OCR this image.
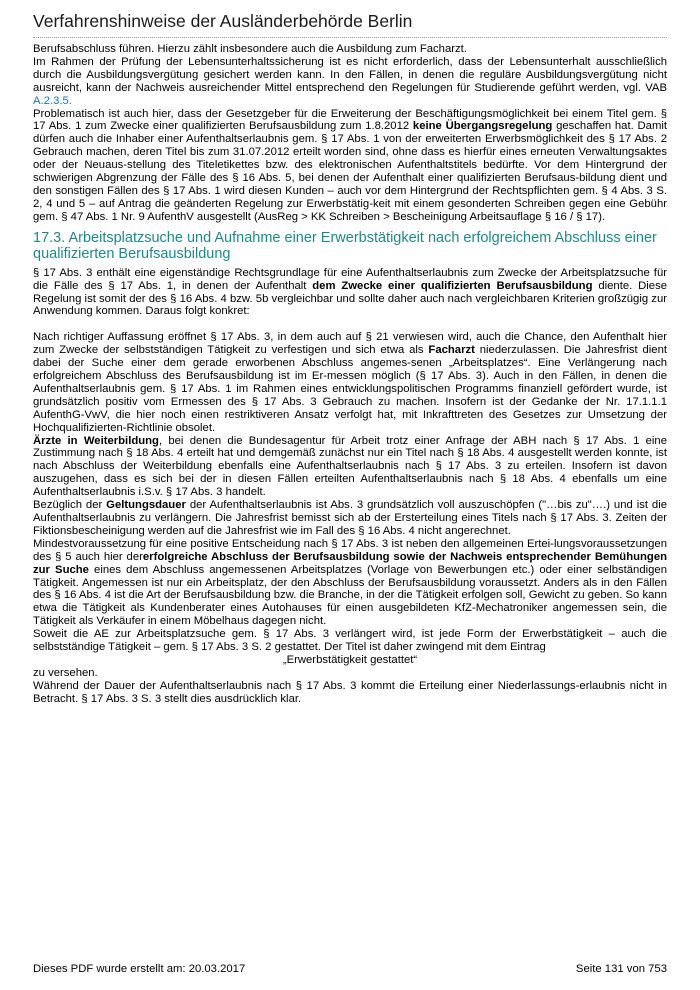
Verfahrenshinweise der Ausländerbehörde Berlin

Berufsabschluss führen. Hierzu zählt insbesondere auch die Ausbildung zum Facharzt.

Im Rahmen der Prüfung der Lebensunterhaltssicherung ist es nicht erforderlich, dass der Lebensunterhalt ausschließlich durch die Ausbildungsvergütung gesichert werden kann. In den Fällen, in denen die reguläre Ausbildungsvergütung nicht ausreicht, kann der Nachweis ausreichender Mittel entsprechend den Regelungen für Studierende geführt werden, vgl. VAB A.2.3.5.

Problematisch ist auch hier, dass der Gesetzgeber für die Erweiterung der Beschäftigungsmöglichkeit bei einem Titel gem. § 17 Abs. 1 zum Zwecke einer qualifizierten Berufsausbildung zum 1.8.2012 keine Übergangsregelung geschaffen hat. Damit dürfen auch die Inhaber einer Aufenthaltserlaubnis gem. § 17 Abs. 1 von der erweiterten Erwerbsmöglichkeit des § 17 Abs. 2 Gebrauch machen, deren Titel bis zum 31.07.2012 erteilt worden sind, ohne dass es hierfür eines erneuten Verwaltungsaktes oder der Neuaus-stellung des Titeletikettes bzw. des elektronischen Aufenthaltstitels bedürfte. Vor dem Hintergrund der schwierigen Abgrenzung der Fälle des § 16 Abs. 5, bei denen der Aufenthalt einer qualifizierten Berufsaus-bildung dient und den sonstigen Fällen des § 17 Abs. 1 wird diesen Kunden – auch vor dem Hintergrund der Rechtspflichten gem. § 4 Abs. 3 S. 2, 4 und 5 – auf Antrag die geänderten Regelung zur Erwerbstätig-keit mit einem gesonderten Schreiben gegen eine Gebühr gem. § 47 Abs. 1 Nr. 9 AufenthV ausgestellt (AusReg > KK Schreiben > Bescheinigung Arbeitsauflage § 16 / § 17).

17.3. Arbeitsplatzsuche und Aufnahme einer Erwerbstätigkeit nach erfolgreichem Abschluss einer qualifizierten Berufsausbildung

§ 17 Abs. 3 enthält eine eigenständige Rechtsgrundlage für eine Aufenthaltserlaubnis zum Zwecke der Arbeitsplatzsuche für die Fälle des § 17 Abs. 1, in denen der Aufenthalt dem Zwecke einer qualifizierten Berufsausbildung diente. Diese Regelung ist somit der des § 16 Abs. 4 bzw. 5b vergleichbar und sollte daher auch nach vergleichbaren Kriterien großzügig zur Anwendung kommen. Daraus folgt konkret:

Nach richtiger Auffassung eröffnet § 17 Abs. 3, in dem auch auf § 21 verwiesen wird, auch die Chance, den Aufenthalt hier zum Zwecke der selbstständigen Tätigkeit zu verfestigen und sich etwa als Facharzt niederzulassen. Die Jahresfrist dient dabei der Suche einer dem gerade erworbenen Abschluss angemes-senen „Arbeitsplatzes“. Eine Verlängerung nach erfolgreichem Abschluss des Berufsausbildung ist im Er-messen möglich (§ 17 Abs. 3). Auch in den Fällen, in denen die Aufenthaltserlaubnis gem. § 17 Abs. 1 im Rahmen eines entwicklungspolitischen Programms finanziell gefördert wurde, ist grundsätzlich positiv vom Ermessen des § 17 Abs. 3 Gebrauch zu machen. Insofern ist der Gedanke der Nr. 17.1.1.1 AufenthG-VwV, die hier noch einen restriktiveren Ansatz verfolgt hat, mit Inkrafttreten des Gesetzes zur Umsetzung der Hochqualifizierten-Richtlinie obsolet.

Ärzte in Weiterbildung, bei denen die Bundesagentur für Arbeit trotz einer Anfrage der ABH nach § 17 Abs. 1 eine Zustimmung nach § 18 Abs. 4 erteilt hat und demgemäß zunächst nur ein Titel nach § 18 Abs. 4 ausgestellt werden konnte, ist nach Abschluss der Weiterbildung ebenfalls eine Aufenthaltserlaubnis nach § 17 Abs. 3 zu erteilen. Insofern ist davon auszugehen, dass es sich bei der in diesen Fällen erteilten Aufenthaltserlaubnis nach § 18 Abs. 4 ebenfalls um eine Aufenthaltserlaubnis i.S.v. § 17 Abs. 3 handelt.

Bezüglich der Geltungsdauer der Aufenthaltserlaubnis ist Abs. 3 grundsätzlich voll auszuschöpfen ("…bis zu"….) und ist die Aufenthaltserlaubnis zu verlängern. Die Jahresfrist bemisst sich ab der Ersterteilung eines Titels nach § 17 Abs. 3. Zeiten der Fiktionsbescheinigung werden auf die Jahresfrist wie im Fall des § 16 Abs. 4 nicht angerechnet.

Mindestvoraussetzung für eine positive Entscheidung nach § 17 Abs. 3 ist neben den allgemeinen Ertei-lungsvoraussetzungen des § 5 auch hier dererfolgreiche Abschluss der Berufsausbildung sowie der Nachweis entsprechender Bemühungen zur Suche eines dem Abschluss angemessenen Arbeitsplatzes (Vorlage von Bewerbungen etc.) oder einer selbständigen Tätigkeit. Angemessen ist nur ein Arbeitsplatz, der den Abschluss der Berufsausbildung voraussetzt. Anders als in den Fällen des § 16 Abs. 4 ist die Art der Berufsausbildung bzw. die Branche, in der die Tätigkeit erfolgen soll, Gewicht zu geben. So kann etwa die Tätigkeit als Kundenberater eines Autohauses für einen ausgebildeten KfZ-Mechatroniker angemessen sein, die Tätigkeit als Verkäufer in einem Möbelhaus dagegen nicht.

Soweit die AE zur Arbeitsplatzsuche gem. § 17 Abs. 3 verlängert wird, ist jede Form der Erwerbstätigkeit – auch die selbstständige Tätigkeit – gem. § 17 Abs. 3 S. 2 gestattet. Der Titel ist daher zwingend mit dem Eintrag

„Erwerbstätigkeit gestattet“

zu versehen.

Während der Dauer der Aufenthaltserlaubnis nach § 17 Abs. 3 kommt die Erteilung einer Niederlassungs-erlaubnis nicht in Betracht. § 17 Abs. 3 S. 3 stellt dies ausdrücklich klar.

Dieses PDF wurde erstellt am: 20.03.2017	Seite 131 von 753
